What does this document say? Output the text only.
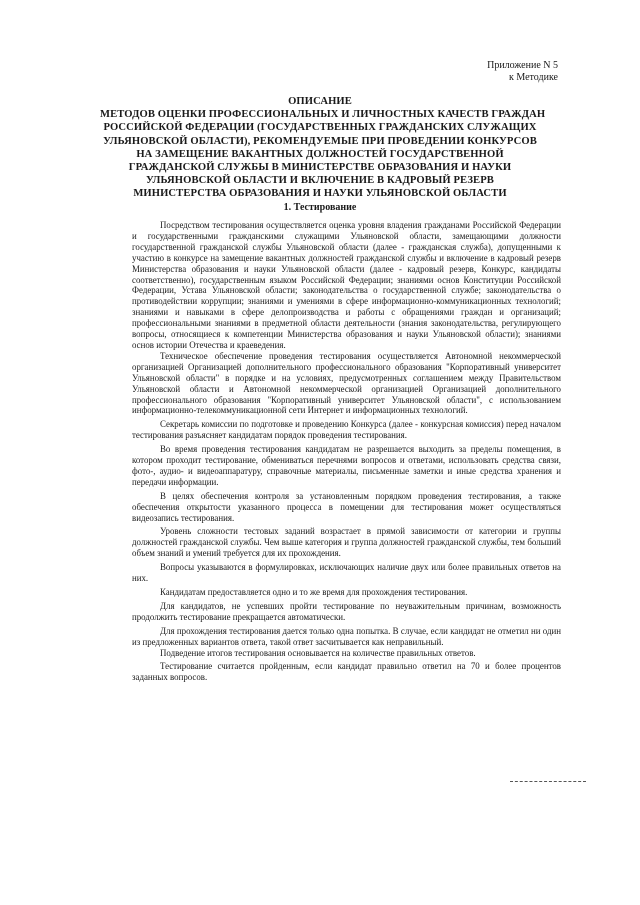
Приложение N 5
к Методике
ОПИСАНИЕ
МЕТОДОВ ОЦЕНКИ ПРОФЕССИОНАЛЬНЫХ И ЛИЧНОСТНЫХ КАЧЕСТВ ГРАЖДАН
РОССИЙСКОЙ ФЕДЕРАЦИИ (ГОСУДАРСТВЕННЫХ ГРАЖДАНСКИХ СЛУЖАЩИХ
УЛЬЯНОВСКОЙ ОБЛАСТИ), РЕКОМЕНДУЕМЫЕ ПРИ ПРОВЕДЕНИИ КОНКУРСОВ
НА ЗАМЕЩЕНИЕ ВАКАНТНЫХ ДОЛЖНОСТЕЙ ГОСУДАРСТВЕННОЙ
ГРАЖДАНСКОЙ СЛУЖБЫ В МИНИСТЕРСТВЕ ОБРАЗОВАНИЯ И НАУКИ
УЛЬЯНОВСКОЙ ОБЛАСТИ И ВКЛЮЧЕНИЕ В КАДРОВЫЙ РЕЗЕРВ
МИНИСТЕРСТВА ОБРАЗОВАНИЯ И НАУКИ УЛЬЯНОВСКОЙ ОБЛАСТИ
1. Тестирование

Посредством тестирования осуществляется оценка уровня владения гражданами Российской Федерации и государственными гражданскими служащими Ульяновской области, замещающими должности государственной гражданской службы Ульяновской области (далее - гражданская служба), допущенными к участию в конкурсе на замещение вакантных должностей гражданской службы и включение в кадровый резерв Министерства образования и науки Ульяновской области (далее - кадровый резерв, Конкурс, кандидаты соответственно), государственным языком Российской Федерации; знаниями основ Конституции Российской Федерации, Устава Ульяновской области; законодательства о государственной службе; законодательства о противодействии коррупции; знаниями и умениями в сфере информационно-коммуникационных технологий; знаниями и навыками в сфере делопроизводства и работы с обращениями граждан и организаций; профессиональными знаниями в предметной области деятельности (знания законодательства, регулирующего вопросы, относящиеся к компетенции Министерства образования и науки Ульяновской области); знаниями основ истории Отечества и краеведения.

Техническое обеспечение проведения тестирования осуществляется Автономной некоммерческой организацией Организацией дополнительного профессионального образования "Корпоративный университет Ульяновской области" в порядке и на условиях, предусмотренных соглашением между Правительством Ульяновской области и Автономной некоммерческой организацией Организацией дополнительного профессионального образования "Корпоративный университет Ульяновской области", с использованием информационно-телекоммуникационной сети Интернет и информационных технологий.

Секретарь комиссии по подготовке и проведению Конкурса (далее - конкурсная комиссия) перед началом тестирования разъясняет кандидатам порядок проведения тестирования.

Во время проведения тестирования кандидатам не разрешается выходить за пределы помещения, в котором проходит тестирование, обмениваться перечнями вопросов и ответами, использовать средства связи, фото-, аудио- и видеоаппаратуру, справочные материалы, письменные заметки и иные средства хранения и передачи информации.

В целях обеспечения контроля за установленным порядком проведения тестирования, а также обеспечения открытости указанного процесса в помещении для тестирования может осуществляться видеозапись тестирования.

Уровень сложности тестовых заданий возрастает в прямой зависимости от категории и группы должностей гражданской службы. Чем выше категория и группа должностей гражданской службы, тем больший объем знаний и умений требуется для их прохождения.

Вопросы указываются в формулировках, исключающих наличие двух или более правильных ответов на них.

Кандидатам предоставляется одно и то же время для прохождения тестирования.

Для кандидатов, не успевших пройти тестирование по неуважительным причинам, возможность продолжить тестирование прекращается автоматически.

Для прохождения тестирования дается только одна попытка. В случае, если кандидат не отметил ни один из предложенных вариантов ответа, такой ответ засчитывается как неправильный.

Подведение итогов тестирования основывается на количестве правильных ответов.

Тестирование считается пройденным, если кандидат правильно ответил на 70 и более процентов заданных вопросов.
